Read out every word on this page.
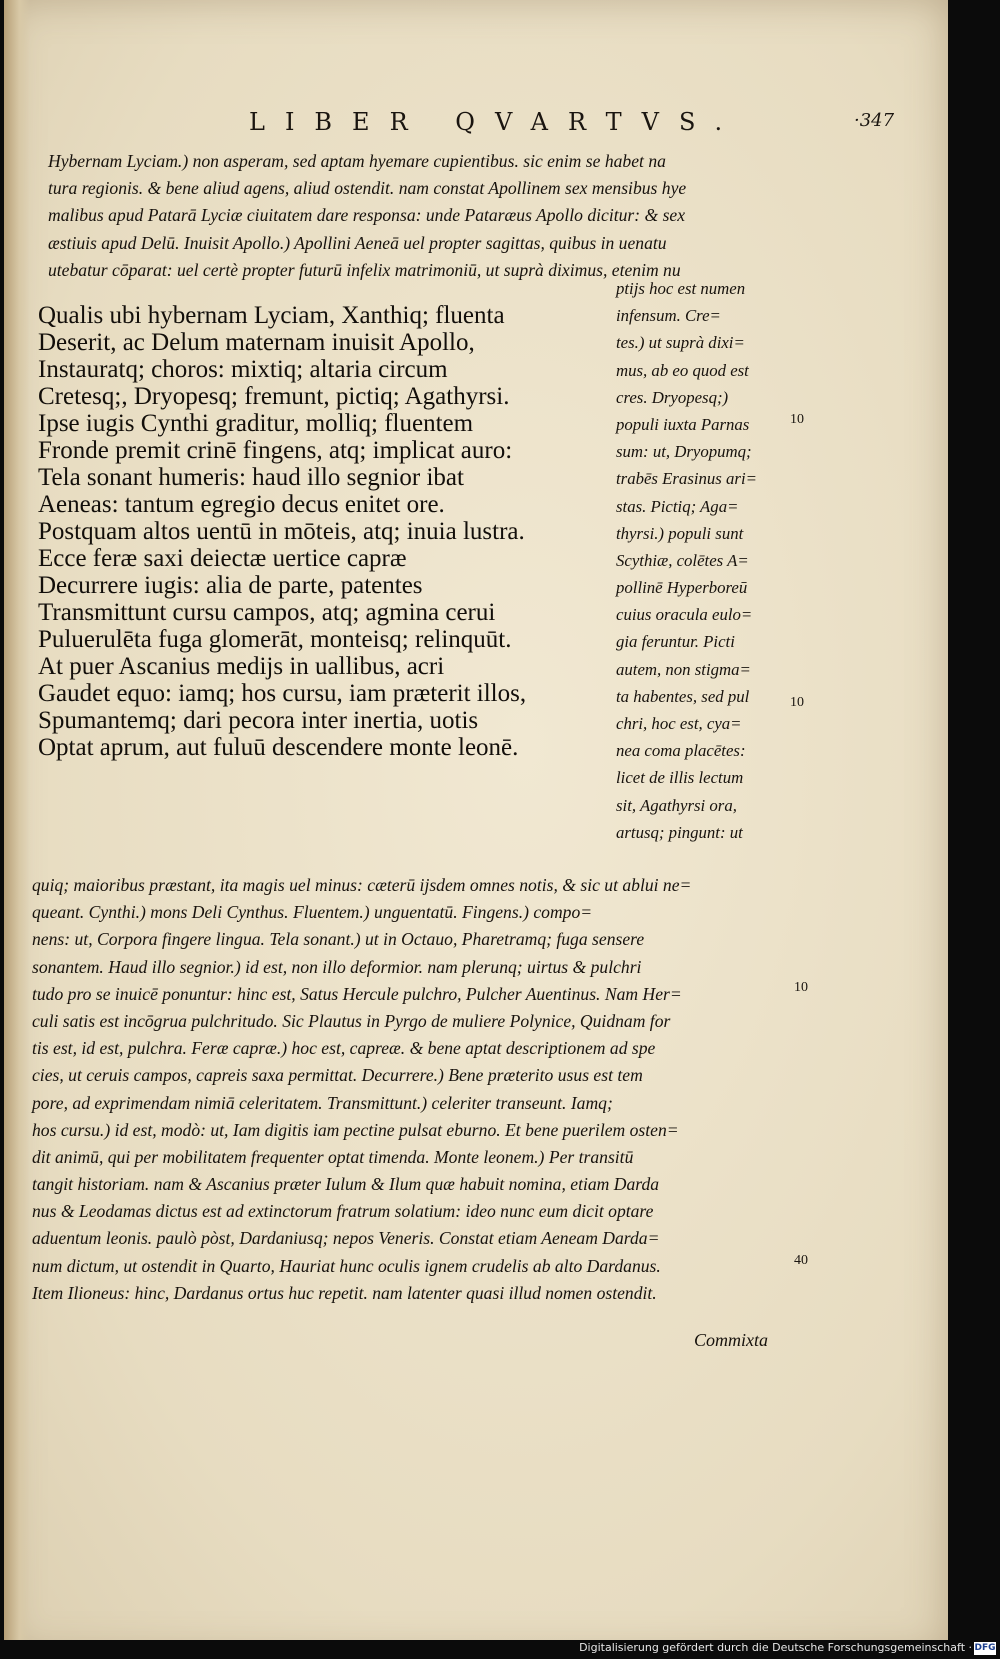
LIBER QVARTVS.	·347
Hybernam Lyciam.) non asperam, sed aptam hyemare cupientibus. sic enim se habet na
tura regionis. & bene aliud agens, aliud ostendit. nam constat Apollinem sex mensibus hye
malibus apud Patarā Lyciæ ciuitatem dare responsa: unde Pataræus Apollo dicitur: & sex
æstiuis apud Delū. Inuisit Apollo.) Apollini Aeneā uel propter sagittas, quibus in uenatu
utebatur cōparat: uel certè propter futurū infelix matrimoniū, ut suprà diximus, etenim nu
Qualis ubi hybernam Lyciam, Xanthiq; fluenta
Deserit, ac Delum maternam inuisit Apollo,
Instauratq; choros: mixtiq; altaria circum
Cretesq;, Dryopesq; fremunt, pictiq; Agathyrsi.
Ipse iugis Cynthi graditur, molliq; fluentem
Fronde premit crinē fingens, atq; implicat auro:
Tela sonant humeris: haud illo segnior ibat
Aeneas: tantum egregio decus enitet ore.
Postquam altos uentū in mōteis, atq; inuia lustra.
Ecce feræ saxi deiectæ uertice capræ
Decurrere iugis: alia de parte, patentes
Transmittunt cursu campos, atq; agmina cerui
Puluerulēta fuga glomerāt, monteisq; relinquūt.
At puer Ascanius medijs in uallibus, acri
Gaudet equo: iamq; hos cursu, iam præterit illos,
Spumantemq; dari pecora inter inertia, uotis
Optat aprum, aut fuluū descendere monte leonē.
ptijs hoc est numen
infensum. Cre=
tes.) ut suprà dixi=
mus, ab eo quod est
cres. Dryopesq;)
populi iuxta Parnas
sum: ut, Dryopumq;
trabēs Erasinus ari=
stas. Pictiq; Aga=
thyrsi.) populi sunt
Scythiæ, colētes A=
pollinē Hyperboreū
cuius oracula eulo=
gia feruntur. Picti
autem, non stigma=
ta habentes, sed pul
chri, hoc est, cya=
nea coma placētes:
licet de illis lectum
sit, Agathyrsi ora,
artusq; pingunt: ut
10
10
quiq; maioribus præstant, ita magis uel minus: cæterū ijsdem omnes notis, & sic ut ablui ne=
queant. Cynthi.) mons Deli Cynthus. Fluentem.) unguentatū. Fingens.) compo=
nens: ut, Corpora fingere lingua. Tela sonant.) ut in Octauo, Pharetramq; fuga sensere
sonantem. Haud illo segnior.) id est, non illo deformior. nam plerunq; uirtus & pulchri
tudo pro se inuicē ponuntur: hinc est, Satus Hercule pulchro, Pulcher Auentinus. Nam Her=
culi satis est incōgrua pulchritudo. Sic Plautus in Pyrgo de muliere Polynice, Quidnam for
tis est, id est, pulchra. Feræ capræ.) hoc est, capreæ. & bene aptat descriptionem ad spe
cies, ut ceruis campos, capreis saxa permittat. Decurrere.) Bene præterito usus est tem
pore, ad exprimendam nimiā celeritatem. Transmittunt.) celeriter transeunt. Iamq;
hos cursu.) id est, modò: ut, Iam digitis iam pectine pulsat eburno. Et bene puerilem osten=
dit animū, qui per mobilitatem frequenter optat timenda. Monte leonem.) Per transitū
tangit historiam. nam & Ascanius præter Iulum & Ilum quæ habuit nomina, etiam Darda
nus & Leodamas dictus est ad extinctorum fratrum solatium: ideo nunc eum dicit optare
aduentum leonis. paulò pòst, Dardaniusq; nepos Veneris. Constat etiam Aeneam Darda=
num dictum, ut ostendit in Quarto, Hauriat hunc oculis ignem crudelis ab alto Dardanus.
Item Ilioneus: hinc, Dardanus ortus huc repetit. nam latenter quasi illud nomen ostendit.
10
40
Commixta
Digitalisierung gefördert durch die Deutsche Forschungsgemeinschaft · DFG
